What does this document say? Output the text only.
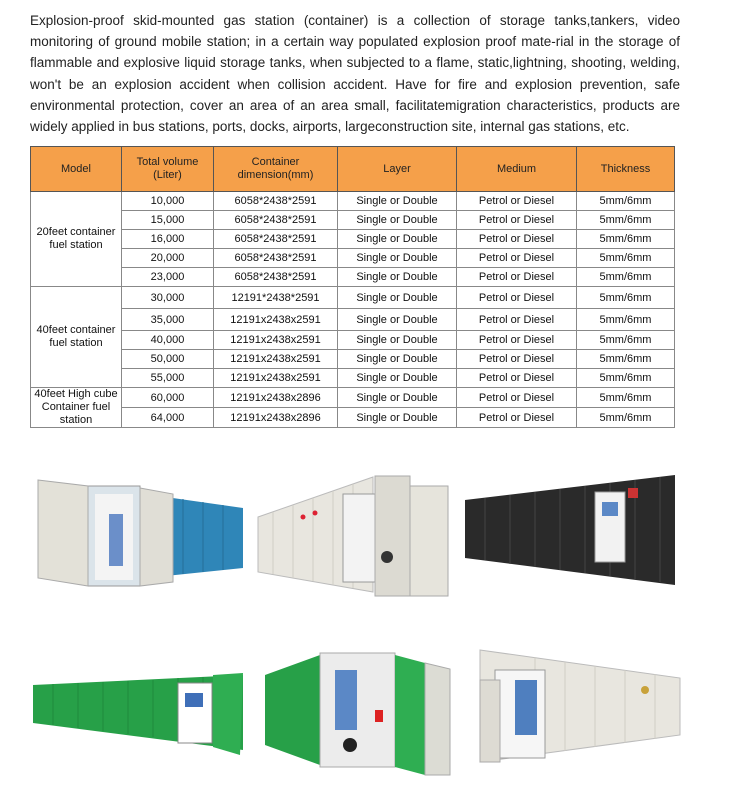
Explosion-proof skid-mounted gas station (container) is a collection of storage tanks,tankers, video monitoring of ground mobile station; in a certain way populated explosion proof mate-rial in the storage of flammable and explosive liquid storage tanks, when subjected to a flame, static,lightning, shooting, welding, won't be an explosion accident when collision accident. Have for fire and explosion prevention, safe environmental protection, cover an area of an area small, facilitatemigration characteristics, products are widely applied in bus stations, ports, docks, airports, largeconstruction site, internal gas stations, etc.
Model	Total volume (Liter)	Container dimension(mm)	Layer	Medium	Thickness
20feet container fuel station	10,000	6058*2438*2591	Single or Double	Petrol or Diesel	5mm/6mm
	15,000	6058*2438*2591	Single or Double	Petrol or Diesel	5mm/6mm
	16,000	6058*2438*2591	Single or Double	Petrol or Diesel	5mm/6mm
	20,000	6058*2438*2591	Single or Double	Petrol or Diesel	5mm/6mm
	23,000	6058*2438*2591	Single or Double	Petrol or Diesel	5mm/6mm
40feet container fuel station	30,000	12191*2438*2591	Single or Double	Petrol or Diesel	5mm/6mm
	35,000	12191x2438x2591	Single or Double	Petrol or Diesel	5mm/6mm
	40,000	12191x2438x2591	Single or Double	Petrol or Diesel	5mm/6mm
	50,000	12191x2438x2591	Single or Double	Petrol or Diesel	5mm/6mm
	55,000	12191x2438x2591	Single or Double	Petrol or Diesel	5mm/6mm
40feet High cube Container fuel station	60,000	12191x2438x2896	Single or Double	Petrol or Diesel	5mm/6mm
	64,000	12191x2438x2896	Single or Double	Petrol or Diesel	5mm/6mm
